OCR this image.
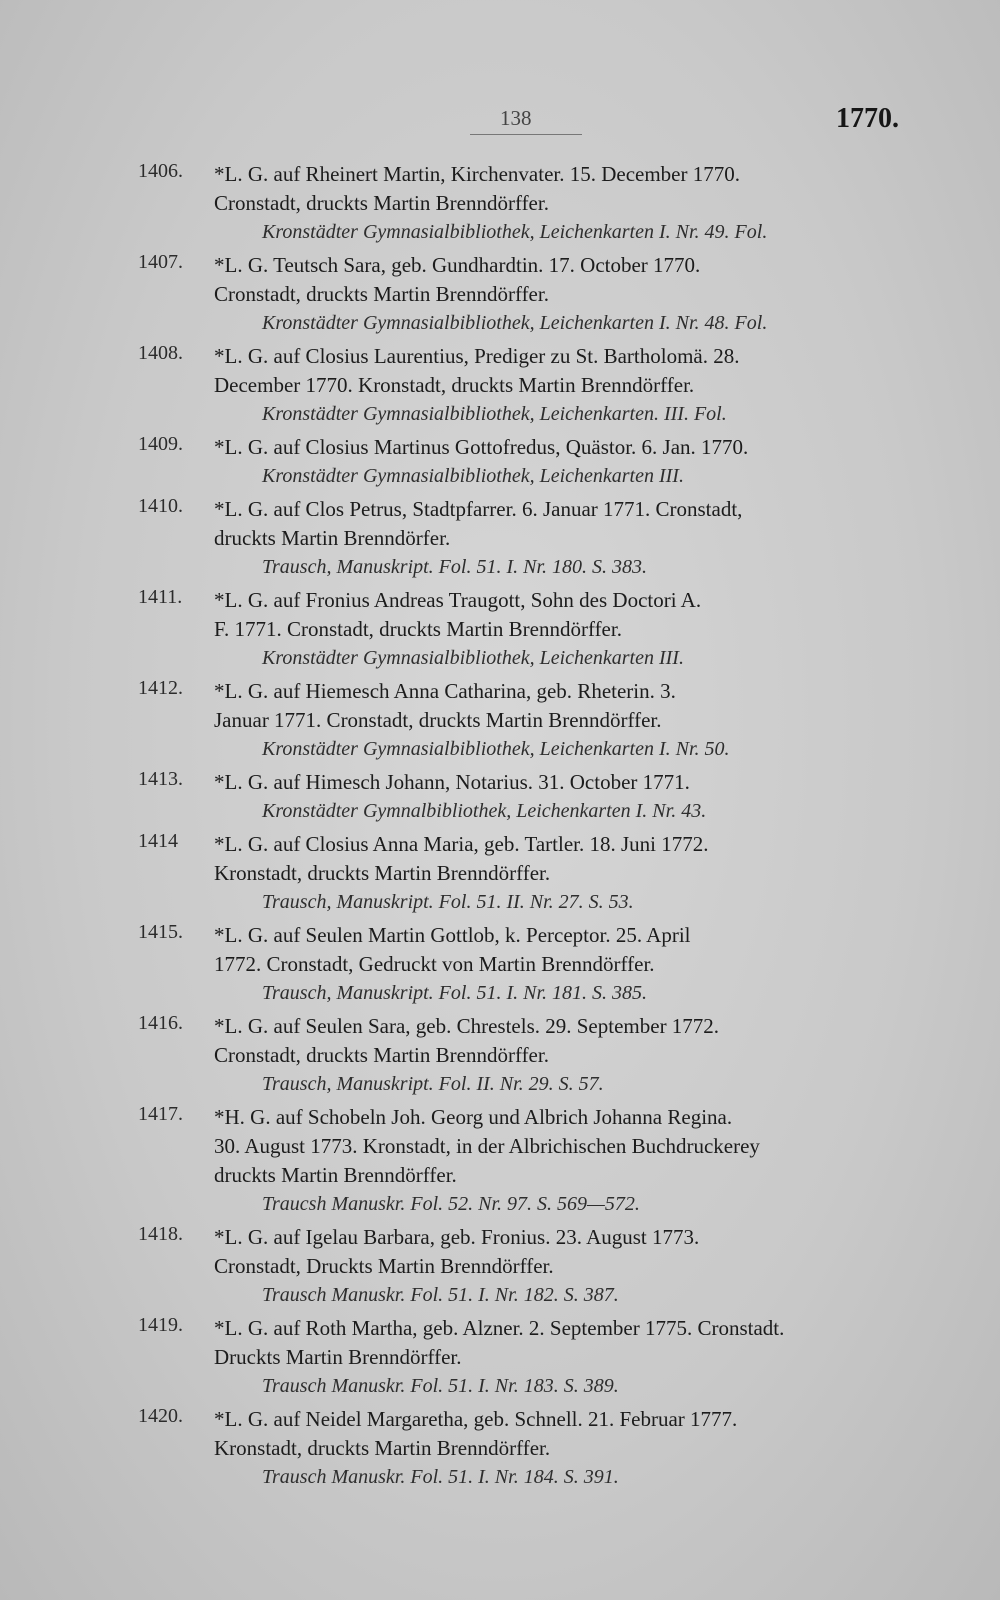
138	1770.
1406.	*L. G. auf Rheinert Martin, Kirchenvater. 15. December 1770.
Cronstadt, druckts Martin Brenndörffer.
Kronstädter Gymnasialbibliothek, Leichenkarten I. Nr. 49. Fol.
1407.	*L. G. Teutsch Sara, geb. Gundhardtin. 17. October 1770.
Cronstadt, druckts Martin Brenndörffer.
Kronstädter Gymnasialbibliothek, Leichenkarten I. Nr. 48. Fol.
1408.	*L. G. auf Closius Laurentius, Prediger zu St. Bartholomä. 28.
December 1770. Kronstadt, druckts Martin Brenndörffer.
Kronstädter Gymnasialbibliothek, Leichenkarten. III. Fol.
1409.	*L. G. auf Closius Martinus Gottofredus, Quästor. 6. Jan. 1770.
Kronstädter Gymnasialbibliothek, Leichenkarten III.
1410.	*L. G. auf Clos Petrus, Stadtpfarrer. 6. Januar 1771. Cronstadt,
druckts Martin Brenndörfer.
Trausch, Manuskript. Fol. 51. I. Nr. 180. S. 383.
1411.	*L. G. auf Fronius Andreas Traugott, Sohn des Doctori A.
F. 1771. Cronstadt, druckts Martin Brenndörffer.
Kronstädter Gymnasialbibliothek, Leichenkarten III.
1412.	*L. G. auf Hiemesch Anna Catharina, geb. Rheterin. 3.
Januar 1771. Cronstadt, druckts Martin Brenndörffer.
Kronstädter Gymnasialbibliothek, Leichenkarten I. Nr. 50.
1413.	*L. G. auf Himesch Johann, Notarius. 31. October 1771.
Kronstädter Gymnalbibliothek, Leichenkarten I. Nr. 43.
1414	*L. G. auf Closius Anna Maria, geb. Tartler. 18. Juni 1772.
Kronstadt, druckts Martin Brenndörffer.
Trausch, Manuskript. Fol. 51. II. Nr. 27. S. 53.
1415.	*L. G. auf Seulen Martin Gottlob, k. Perceptor. 25. April
1772. Cronstadt, Gedruckt von Martin Brenndörffer.
Trausch, Manuskript. Fol. 51. I. Nr. 181. S. 385.
1416.	*L. G. auf Seulen Sara, geb. Chrestels. 29. September 1772.
Cronstadt, druckts Martin Brenndörffer.
Trausch, Manuskript. Fol. II. Nr. 29. S. 57.
1417.	*H. G. auf Schobeln Joh. Georg und Albrich Johanna Regina.
30. August 1773. Kronstadt, in der Albrichischen Buchdruckerey
druckts Martin Brenndörffer.
Traucsh Manuskr. Fol. 52. Nr. 97. S. 569—572.
1418.	*L. G. auf Igelau Barbara, geb. Fronius. 23. August 1773.
Cronstadt, Druckts Martin Brenndörffer.
Trausch Manuskr. Fol. 51. I. Nr. 182. S. 387.
1419.	*L. G. auf Roth Martha, geb. Alzner. 2. September 1775. Cronstadt.
Druckts Martin Brenndörffer.
Trausch Manuskr. Fol. 51. I. Nr. 183. S. 389.
1420.	*L. G. auf Neidel Margaretha, geb. Schnell. 21. Februar 1777.
Kronstadt, druckts Martin Brenndörffer.
Trausch Manuskr. Fol. 51. I. Nr. 184. S. 391.
